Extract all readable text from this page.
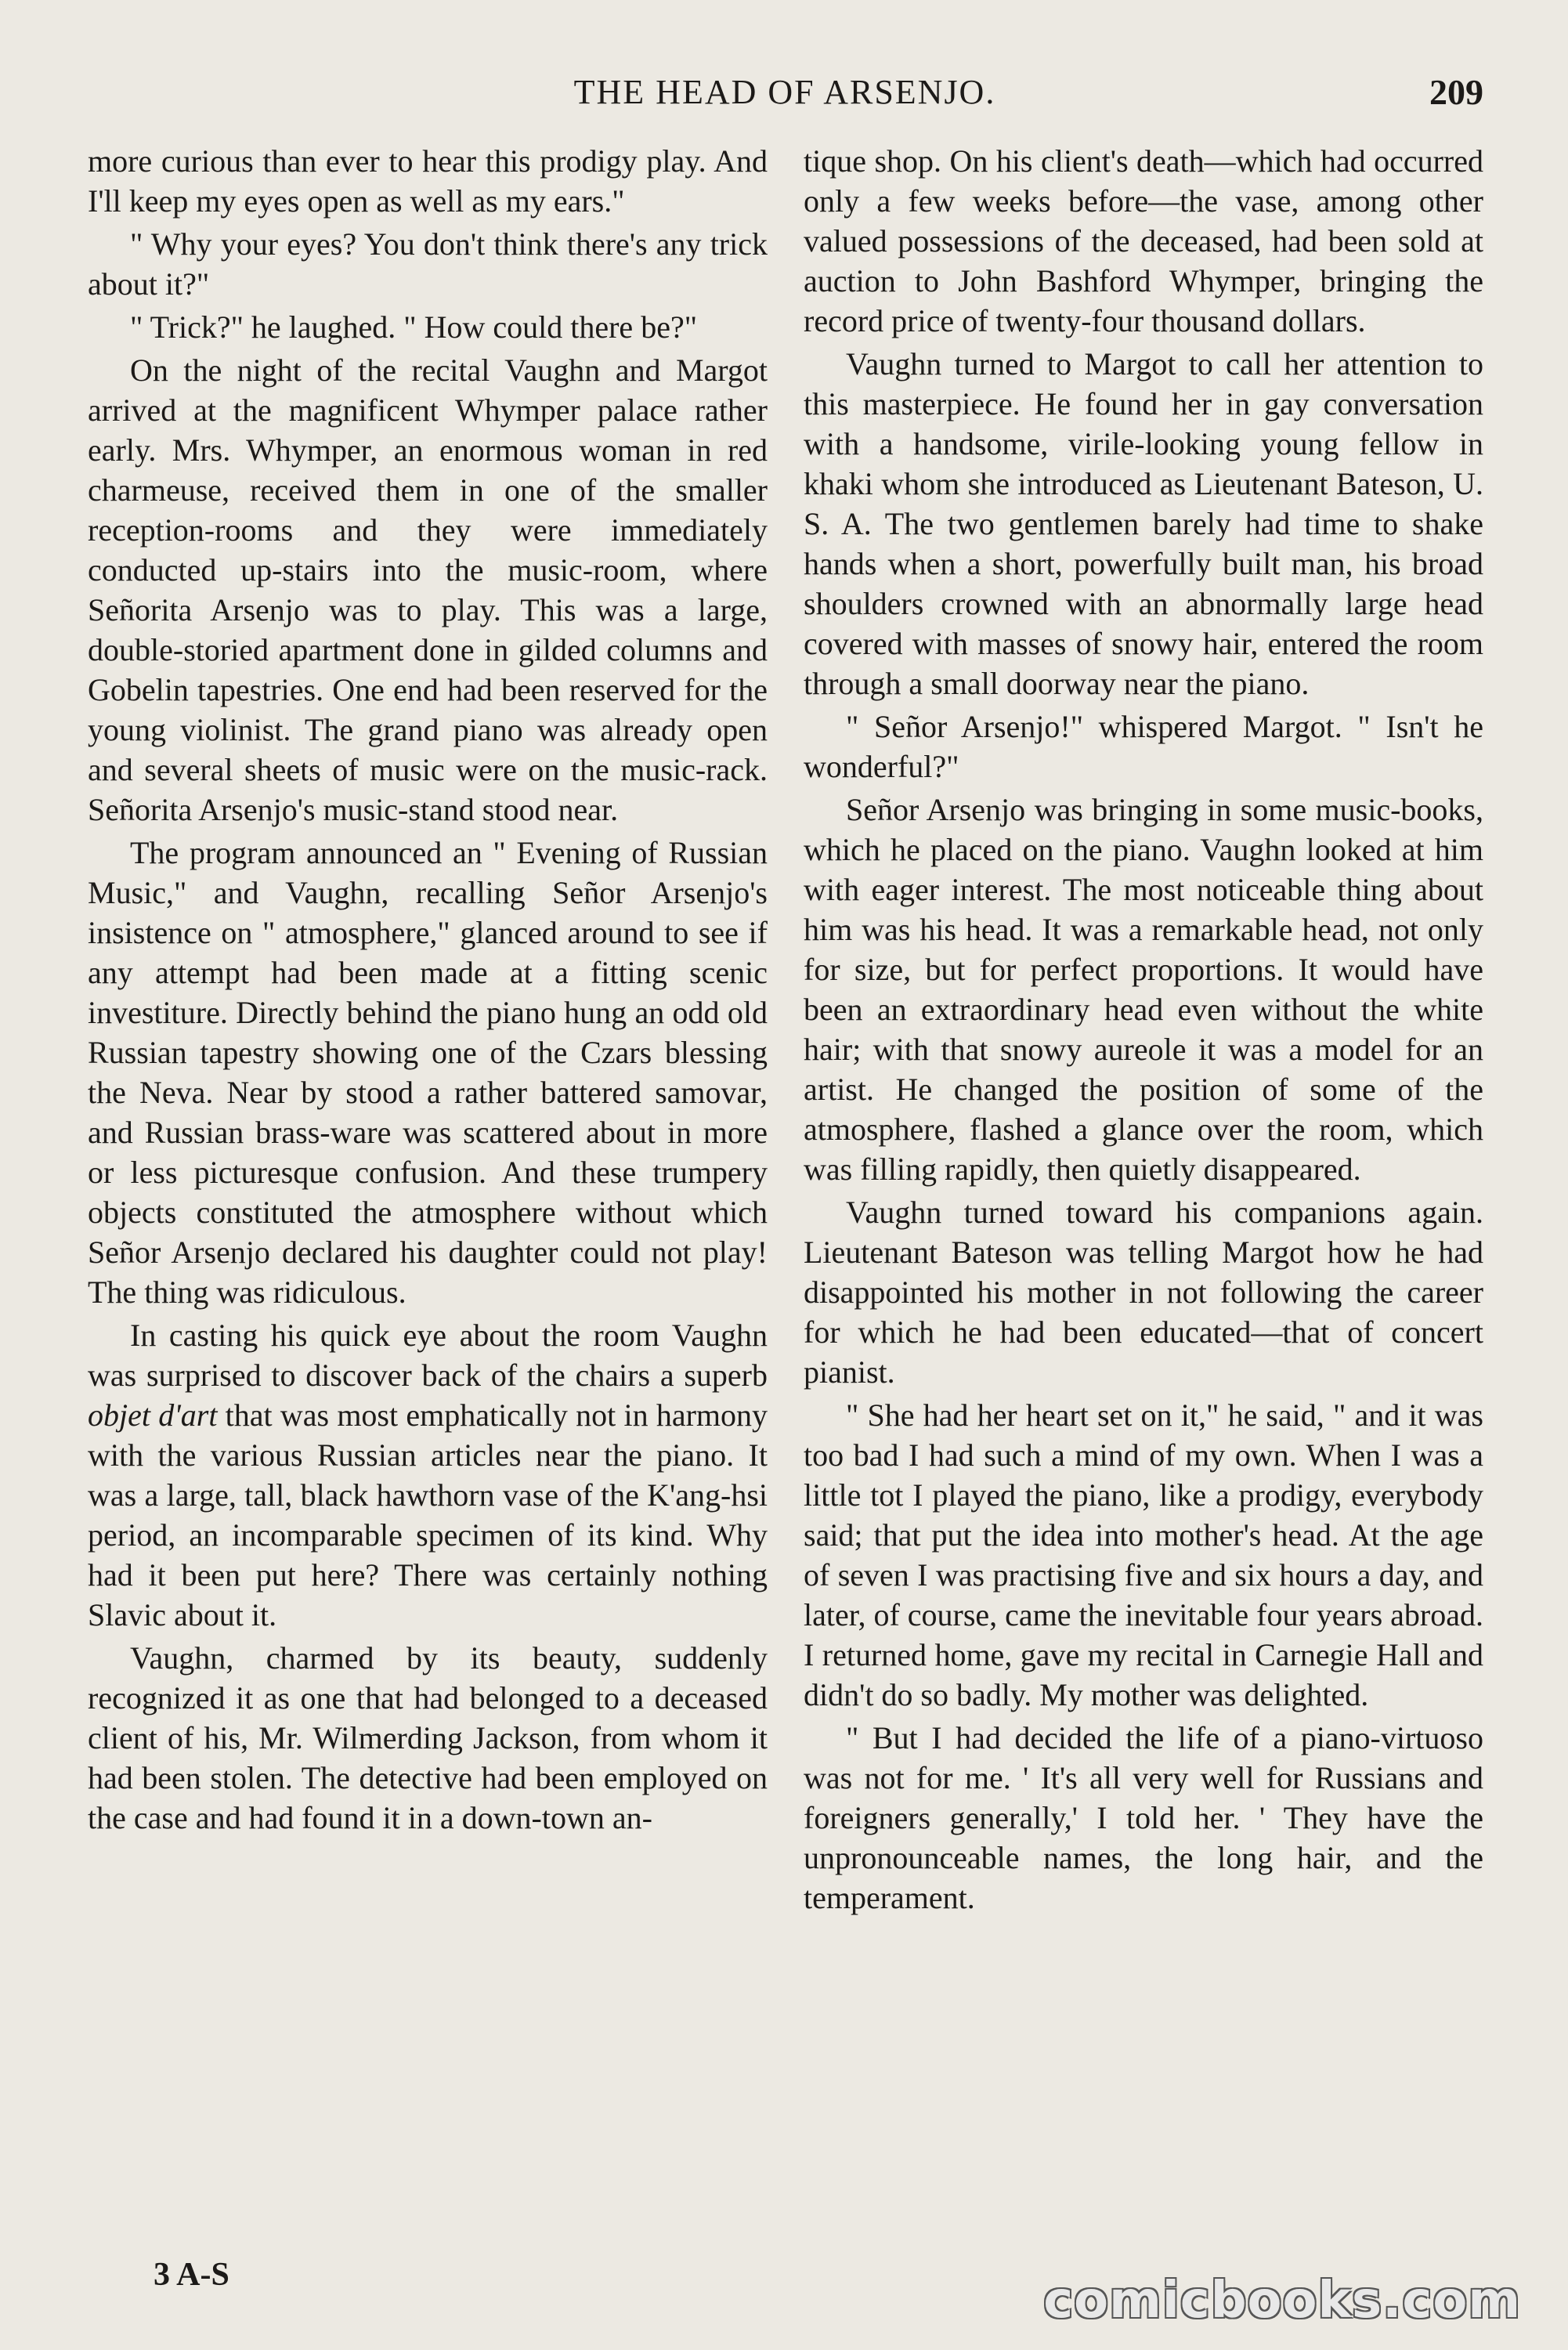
THE HEAD OF ARSENJO.	209

more curious than ever to hear this prodigy play. And I'll keep my eyes open as well as my ears."

" Why your eyes? You don't think there's any trick about it?"

" Trick?" he laughed. " How could there be?"

On the night of the recital Vaughn and Margot arrived at the magnificent Whymper palace rather early. Mrs. Whymper, an enormous woman in red charmeuse, received them in one of the smaller reception-rooms and they were immediately conducted up-stairs into the music-room, where Señorita Arsenjo was to play. This was a large, double-storied apartment done in gilded columns and Gobelin tapestries. One end had been reserved for the young violinist. The grand piano was already open and several sheets of music were on the music-rack. Señorita Arsenjo's music-stand stood near.

The program announced an " Evening of Russian Music," and Vaughn, recalling Señor Arsenjo's insistence on " atmosphere," glanced around to see if any attempt had been made at a fitting scenic investiture. Directly behind the piano hung an odd old Russian tapestry showing one of the Czars blessing the Neva. Near by stood a rather battered samovar, and Russian brass-ware was scattered about in more or less picturesque confusion. And these trumpery objects constituted the atmosphere without which Señor Arsenjo declared his daughter could not play! The thing was ridiculous.

In casting his quick eye about the room Vaughn was surprised to discover back of the chairs a superb objet d'art that was most emphatically not in harmony with the various Russian articles near the piano. It was a large, tall, black hawthorn vase of the K'ang-hsi period, an incomparable specimen of its kind. Why had it been put here? There was certainly nothing Slavic about it.

Vaughn, charmed by its beauty, suddenly recognized it as one that had belonged to a deceased client of his, Mr. Wilmerding Jackson, from whom it had been stolen. The detective had been employed on the case and had found it in a down-town an-

tique shop. On his client's death—which had occurred only a few weeks before—the vase, among other valued possessions of the deceased, had been sold at auction to John Bashford Whymper, bringing the record price of twenty-four thousand dollars.

Vaughn turned to Margot to call her attention to this masterpiece. He found her in gay conversation with a handsome, virile-looking young fellow in khaki whom she introduced as Lieutenant Bateson, U. S. A. The two gentlemen barely had time to shake hands when a short, powerfully built man, his broad shoulders crowned with an abnormally large head covered with masses of snowy hair, entered the room through a small doorway near the piano.

" Señor Arsenjo!" whispered Margot. " Isn't he wonderful?"

Señor Arsenjo was bringing in some music-books, which he placed on the piano. Vaughn looked at him with eager interest. The most noticeable thing about him was his head. It was a remarkable head, not only for size, but for perfect proportions. It would have been an extraordinary head even without the white hair; with that snowy aureole it was a model for an artist. He changed the position of some of the atmosphere, flashed a glance over the room, which was filling rapidly, then quietly disappeared.

Vaughn turned toward his companions again. Lieutenant Bateson was telling Margot how he had disappointed his mother in not following the career for which he had been educated—that of concert pianist.

" She had her heart set on it," he said, " and it was too bad I had such a mind of my own. When I was a little tot I played the piano, like a prodigy, everybody said; that put the idea into mother's head. At the age of seven I was practising five and six hours a day, and later, of course, came the inevitable four years abroad. I returned home, gave my recital in Carnegie Hall and didn't do so badly. My mother was delighted.

" But I had decided the life of a piano-virtuoso was not for me. ' It's all very well for Russians and foreigners generally,' I told her. ' They have the unpronounceable names, the long hair, and the temperament.

3 A-S	comicbooks.com
